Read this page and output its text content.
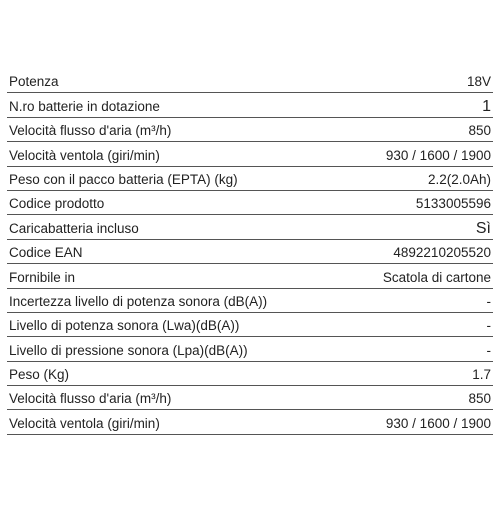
Potenza	18V
N.ro batterie in dotazione	1
Velocità flusso d'aria (m³/h)	850
Velocità ventola (giri/min)	930 / 1600 / 1900
Peso con il pacco batteria (EPTA) (kg)	2.2(2.0Ah)
Codice prodotto	5133005596
Caricabatteria incluso	Sì
Codice EAN	4892210205520
Fornibile in	Scatola di cartone
Incertezza livello di potenza sonora (dB(A))	-
Livello di potenza sonora (Lwa)(dB(A))	-
Livello di pressione sonora (Lpa)(dB(A))	-
Peso (Kg)	1.7
Velocità flusso d'aria (m³/h)	850
Velocità ventola (giri/min)	930 / 1600 / 1900
